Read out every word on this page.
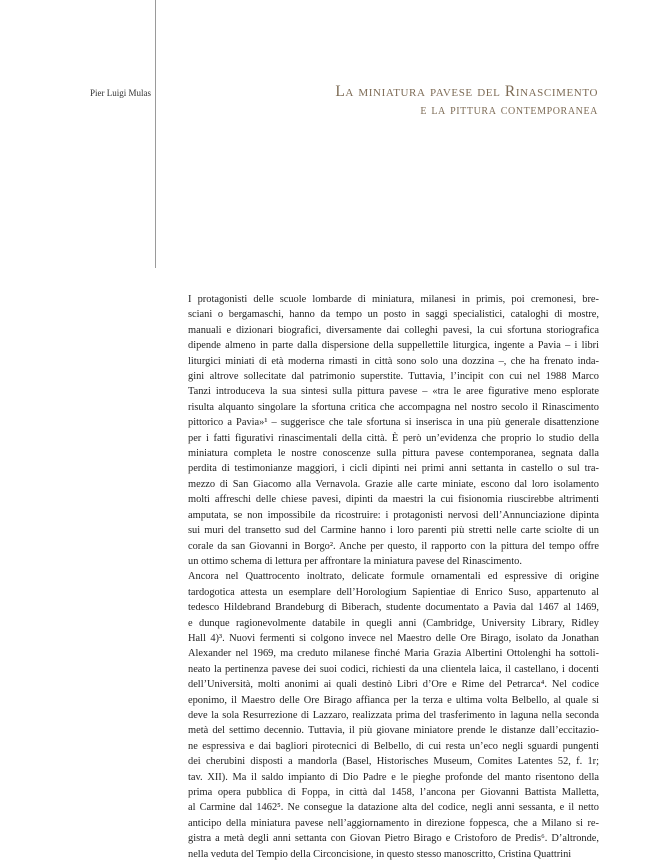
Pier Luigi Mulas	La miniatura pavese del Rinascimento
e la pittura contemporanea

I protagonisti delle scuole lombarde di miniatura, milanesi in primis, poi cremonesi, bre-
sciani o bergamaschi, hanno da tempo un posto in saggi specialistici, cataloghi di mostre,
manuali e dizionari biografici, diversamente dai colleghi pavesi, la cui sfortuna storiografica
dipende almeno in parte dalla dispersione della suppellettile liturgica, ingente a Pavia – i libri
liturgici miniati di età moderna rimasti in città sono solo una dozzina –, che ha frenato inda-
gini altrove sollecitate dal patrimonio superstite. Tuttavia, l’incipit con cui nel 1988 Marco
Tanzi introduceva la sua sintesi sulla pittura pavese – «tra le aree figurative meno esplorate
risulta alquanto singolare la sfortuna critica che accompagna nel nostro secolo il Rinascimento
pittorico a Pavia»¹ – suggerisce che tale sfortuna si inserisca in una più generale disattenzione
per i fatti figurativi rinascimentali della città. È però un’evidenza che proprio lo studio della
miniatura completa le nostre conoscenze sulla pittura pavese contemporanea, segnata dalla
perdita di testimonianze maggiori, i cicli dipinti nei primi anni settanta in castello o sul tra-
mezzo di San Giacomo alla Vernavola. Grazie alle carte miniate, escono dal loro isolamento
molti affreschi delle chiese pavesi, dipinti da maestri la cui fisionomia riuscirebbe altrimenti
amputata, se non impossibile da ricostruire: i protagonisti nervosi dell’Annunciazione dipinta
sui muri del transetto sud del Carmine hanno i loro parenti più stretti nelle carte sciolte di un
corale da san Giovanni in Borgo². Anche per questo, il rapporto con la pittura del tempo offre
un ottimo schema di lettura per affrontare la miniatura pavese del Rinascimento.

Ancora nel Quattrocento inoltrato, delicate formule ornamentali ed espressive di origine
tardogotica attesta un esemplare dell’Horologium Sapientiae di Enrico Suso, appartenuto al
tedesco Hildebrand Brandeburg di Biberach, studente documentato a Pavia dal 1467 al 1469,
e dunque ragionevolmente databile in quegli anni (Cambridge, University Library, Ridley
Hall 4)³. Nuovi fermenti si colgono invece nel Maestro delle Ore Birago, isolato da Jonathan
Alexander nel 1969, ma creduto milanese finché Maria Grazia Albertini Ottolenghi ha sottoli-
neato la pertinenza pavese dei suoi codici, richiesti da una clientela laica, il castellano, i docenti
dell’Università, molti anonimi ai quali destinò Libri d’Ore e Rime del Petrarca⁴. Nel codice
eponimo, il Maestro delle Ore Birago affianca per la terza e ultima volta Belbello, al quale si
deve la sola Resurrezione di Lazzaro, realizzata prima del trasferimento in laguna nella seconda
metà del settimo decennio. Tuttavia, il più giovane miniatore prende le distanze dall’eccitazio-
ne espressiva e dai bagliori pirotecnici di Belbello, di cui resta un’eco negli sguardi pungenti
dei cherubini disposti a mandorla (Basel, Historisches Museum, Comites Latentes 52, f. 1r;
tav. XII). Ma il saldo impianto di Dio Padre e le pieghe profonde del manto risentono della
prima opera pubblica di Foppa, in città dal 1458, l’ancona per Giovanni Battista Malletta,
al Carmine dal 1462⁵. Ne consegue la datazione alta del codice, negli anni sessanta, e il netto
anticipo della miniatura pavese nell’aggiornamento in direzione foppesca, che a Milano si re-
gistra a metà degli anni settanta con Giovan Pietro Birago e Cristoforo de Predis⁶. D’altronde,
nella veduta del Tempio della Circoncisione, in questo stesso manoscritto, Cristina Quattrini
